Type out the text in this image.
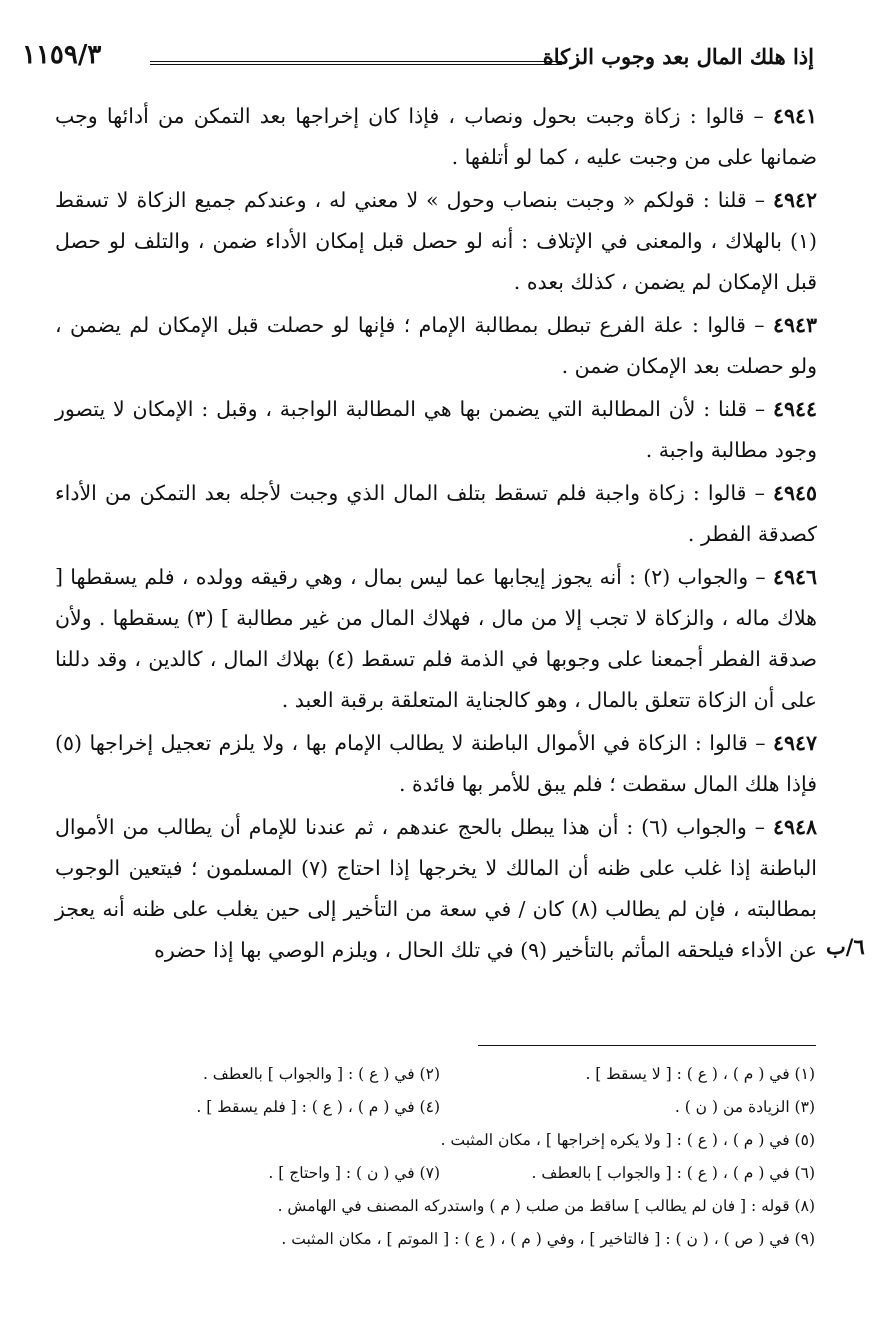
إذا هلك المال بعد وجوب الزكاة
١١٥٩/٣

٤٩٤١ – قالوا : زكاة وجبت بحول ونصاب ، فإذا كان إخراجها بعد التمكن من أدائها وجب ضمانها على من وجبت عليه ، كما لو أتلفها .

٤٩٤٢ – قلنا : قولكم « وجبت بنصاب وحول » لا معني له ، وعندكم جميع الزكاة لا تسقط (١) بالهلاك ، والمعنى في الإتلاف : أنه لو حصل قبل إمكان الأداء ضمن ، والتلف لو حصل قبل الإمكان لم يضمن ، كذلك بعده .

٤٩٤٣ – قالوا : علة الفرع تبطل بمطالبة الإمام ؛ فإنها لو حصلت قبل الإمكان لم يضمن ، ولو حصلت بعد الإمكان ضمن .

٤٩٤٤ – قلنا : لأن المطالبة التي يضمن بها هي المطالبة الواجبة ، وقبل : الإمكان لا يتصور وجود مطالبة واجبة .

٤٩٤٥ – قالوا : زكاة واجبة فلم تسقط بتلف المال الذي وجبت لأجله بعد التمكن من الأداء كصدقة الفطر .

٤٩٤٦ – والجواب (٢) : أنه يجوز إيجابها عما ليس بمال ، وهي رقيقه وولده ، فلم يسقطها [ هلاك ماله ، والزكاة لا تجب إلا من مال ، فهلاك المال من غير مطالبة ] (٣) يسقطها . ولأن صدقة الفطر أجمعنا على وجوبها في الذمة فلم تسقط (٤) بهلاك المال ، كالدين ، وقد دللنا على أن الزكاة تتعلق بالمال ، وهو كالجناية المتعلقة برقبة العبد .

٤٩٤٧ – قالوا : الزكاة في الأموال الباطنة لا يطالب الإمام بها ، ولا يلزم تعجيل إخراجها (٥) فإذا هلك المال سقطت ؛ فلم يبق للأمر بها فائدة .

٤٩٤٨ – والجواب (٦) : أن هذا يبطل بالحج عندهم ، ثم عندنا للإمام أن يطالب من الأموال الباطنة إذا غلب على ظنه أن المالك لا يخرجها إذا احتاج (٧) المسلمون ؛ فيتعين الوجوب بمطالبته ، فإن لم يطالب (٨) كان / في سعة من التأخير إلى حين يغلب على ظنه أنه يعجز عن الأداء فيلحقه المأثم بالتأخير (٩) في تلك الحال ، ويلزم الوصي بها إذا حضره ٦/ب
(١) في ( م ) ، ( ع ) : [ لا يسقط ] .
(٢) في ( ع ) : [ والجواب ] بالعطف .
(٣) الزيادة من ( ن ) .
(٤) في ( م ) ، ( ع ) : [ فلم يسقط ] .
(٥) في ( م ) ، ( ع ) : [ ولا يكره إخراجها ] ، مكان المثبت .
(٦) في ( م ) ، ( ع ) : [ والجواب ] بالعطف .
(٧) في ( ن ) : [ واحتاج ] .
(٨) قوله : [ فان لم يطالب ] ساقط من صلب ( م ) واستدركه المصنف في الهامش .
(٩) في ( ص ) ، ( ن ) : [ فالتاخير ] ، وفي ( م ) ، ( ع ) : [ الموتم ] ، مكان المثبت .
